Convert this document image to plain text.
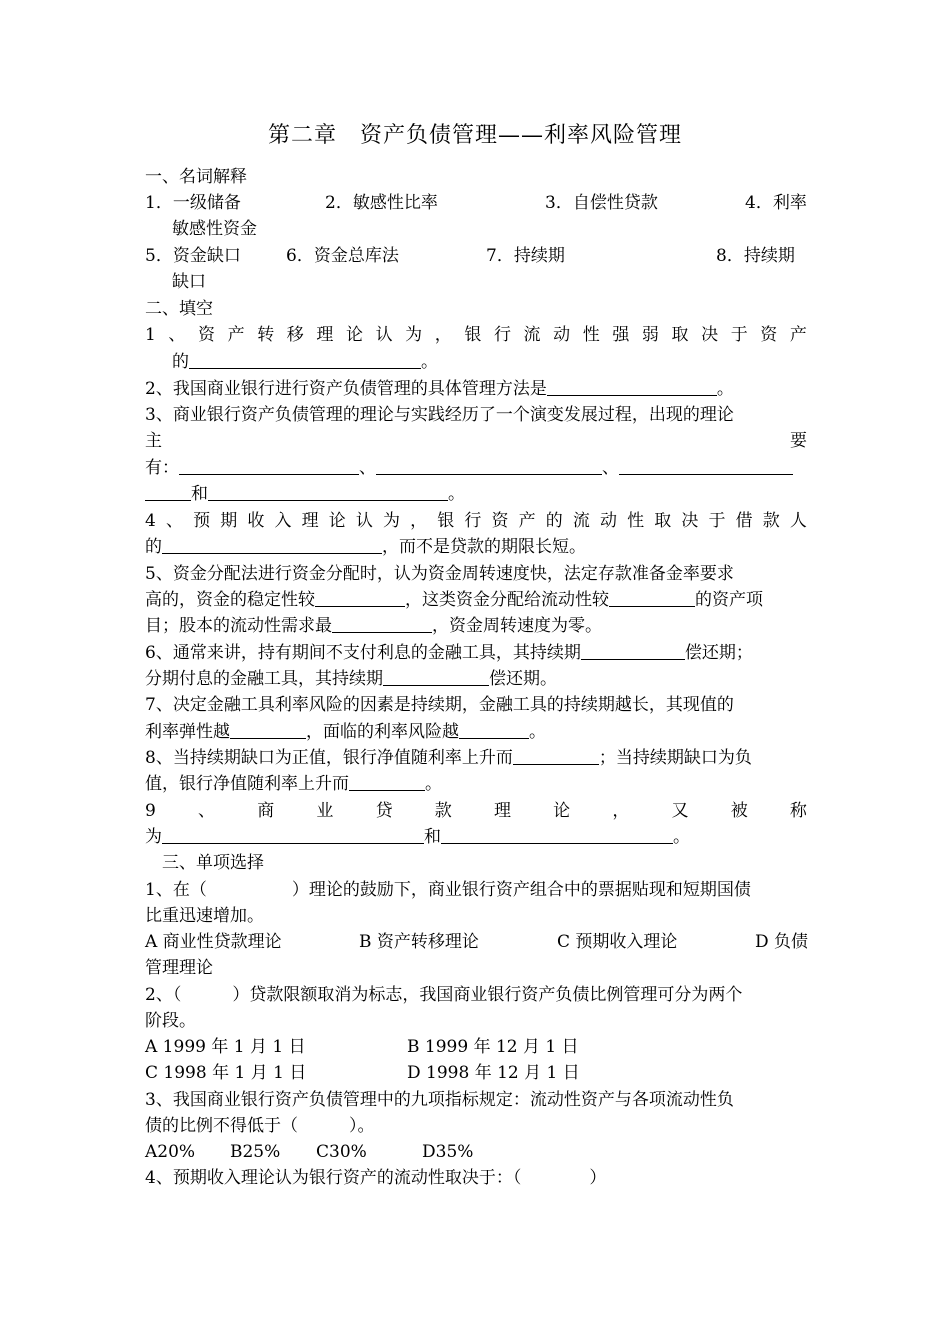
第二章　资产负债管理——利率风险管理
一、名词解释
1．一级储备	2．敏感性比率	3．自偿性贷款	4．利率
敏感性资金
5．资金缺口	6．资金总库法	7．持续期	8．持续期
缺口
二、填空
1 、 资 产 转 移 理 论 认 为 ， 银 行 流 动 性 强 弱 取 决 于 资 产
的	。
2、我国商业银行进行资产负债管理的具体管理方法是	。
3、商业银行资产负债管理的理论与实践经历了一个演变发展过程，出现的理论
主	要
有：	、	、
和	。
4 、 预 期 收 入 理 论 认 为 ， 银 行 资 产 的 流 动 性 取 决 于 借 款 人
的	，而不是贷款的期限长短。
5、资金分配法进行资金分配时，认为资金周转速度快，法定存款准备金率要求
高的，资金的稳定性较	，这类资金分配给流动性较	的资产项
目；股本的流动性需求最	，资金周转速度为零。
6、通常来讲，持有期间不支付利息的金融工具，其持续期	偿还期；
分期付息的金融工具，其持续期	偿还期。
7、决定金融工具利率风险的因素是持续期，金融工具的持续期越长，其现值的
利率弹性越	，面临的利率风险越	。
8、当持续期缺口为正值，银行净值随利率上升而	；当持续期缺口为负
值，银行净值随利率上升而	。
9 、 商 业 贷 款 理 论 ， 又 被 称
为	和	。
三、单项选择
1、在（　　　　　）理论的鼓励下，商业银行资产组合中的票据贴现和短期国债
比重迅速增加。
A 商业性贷款理论	B 资产转移理论	C 预期收入理论	D 负债
管理理论
2、（　　　）贷款限额取消为标志，我国商业银行资产负债比例管理可分为两个
阶段。
A 1999 年 1 月 1 日	B 1999 年 12 月 1 日
C 1998 年 1 月 1 日	D 1998 年 12 月 1 日
3、我国商业银行资产负债管理中的九项指标规定：流动性资产与各项流动性负
债的比例不得低于（　　　）。
A20% B25% C30%	D35%
4、预期收入理论认为银行资产的流动性取决于：（　　　　）
